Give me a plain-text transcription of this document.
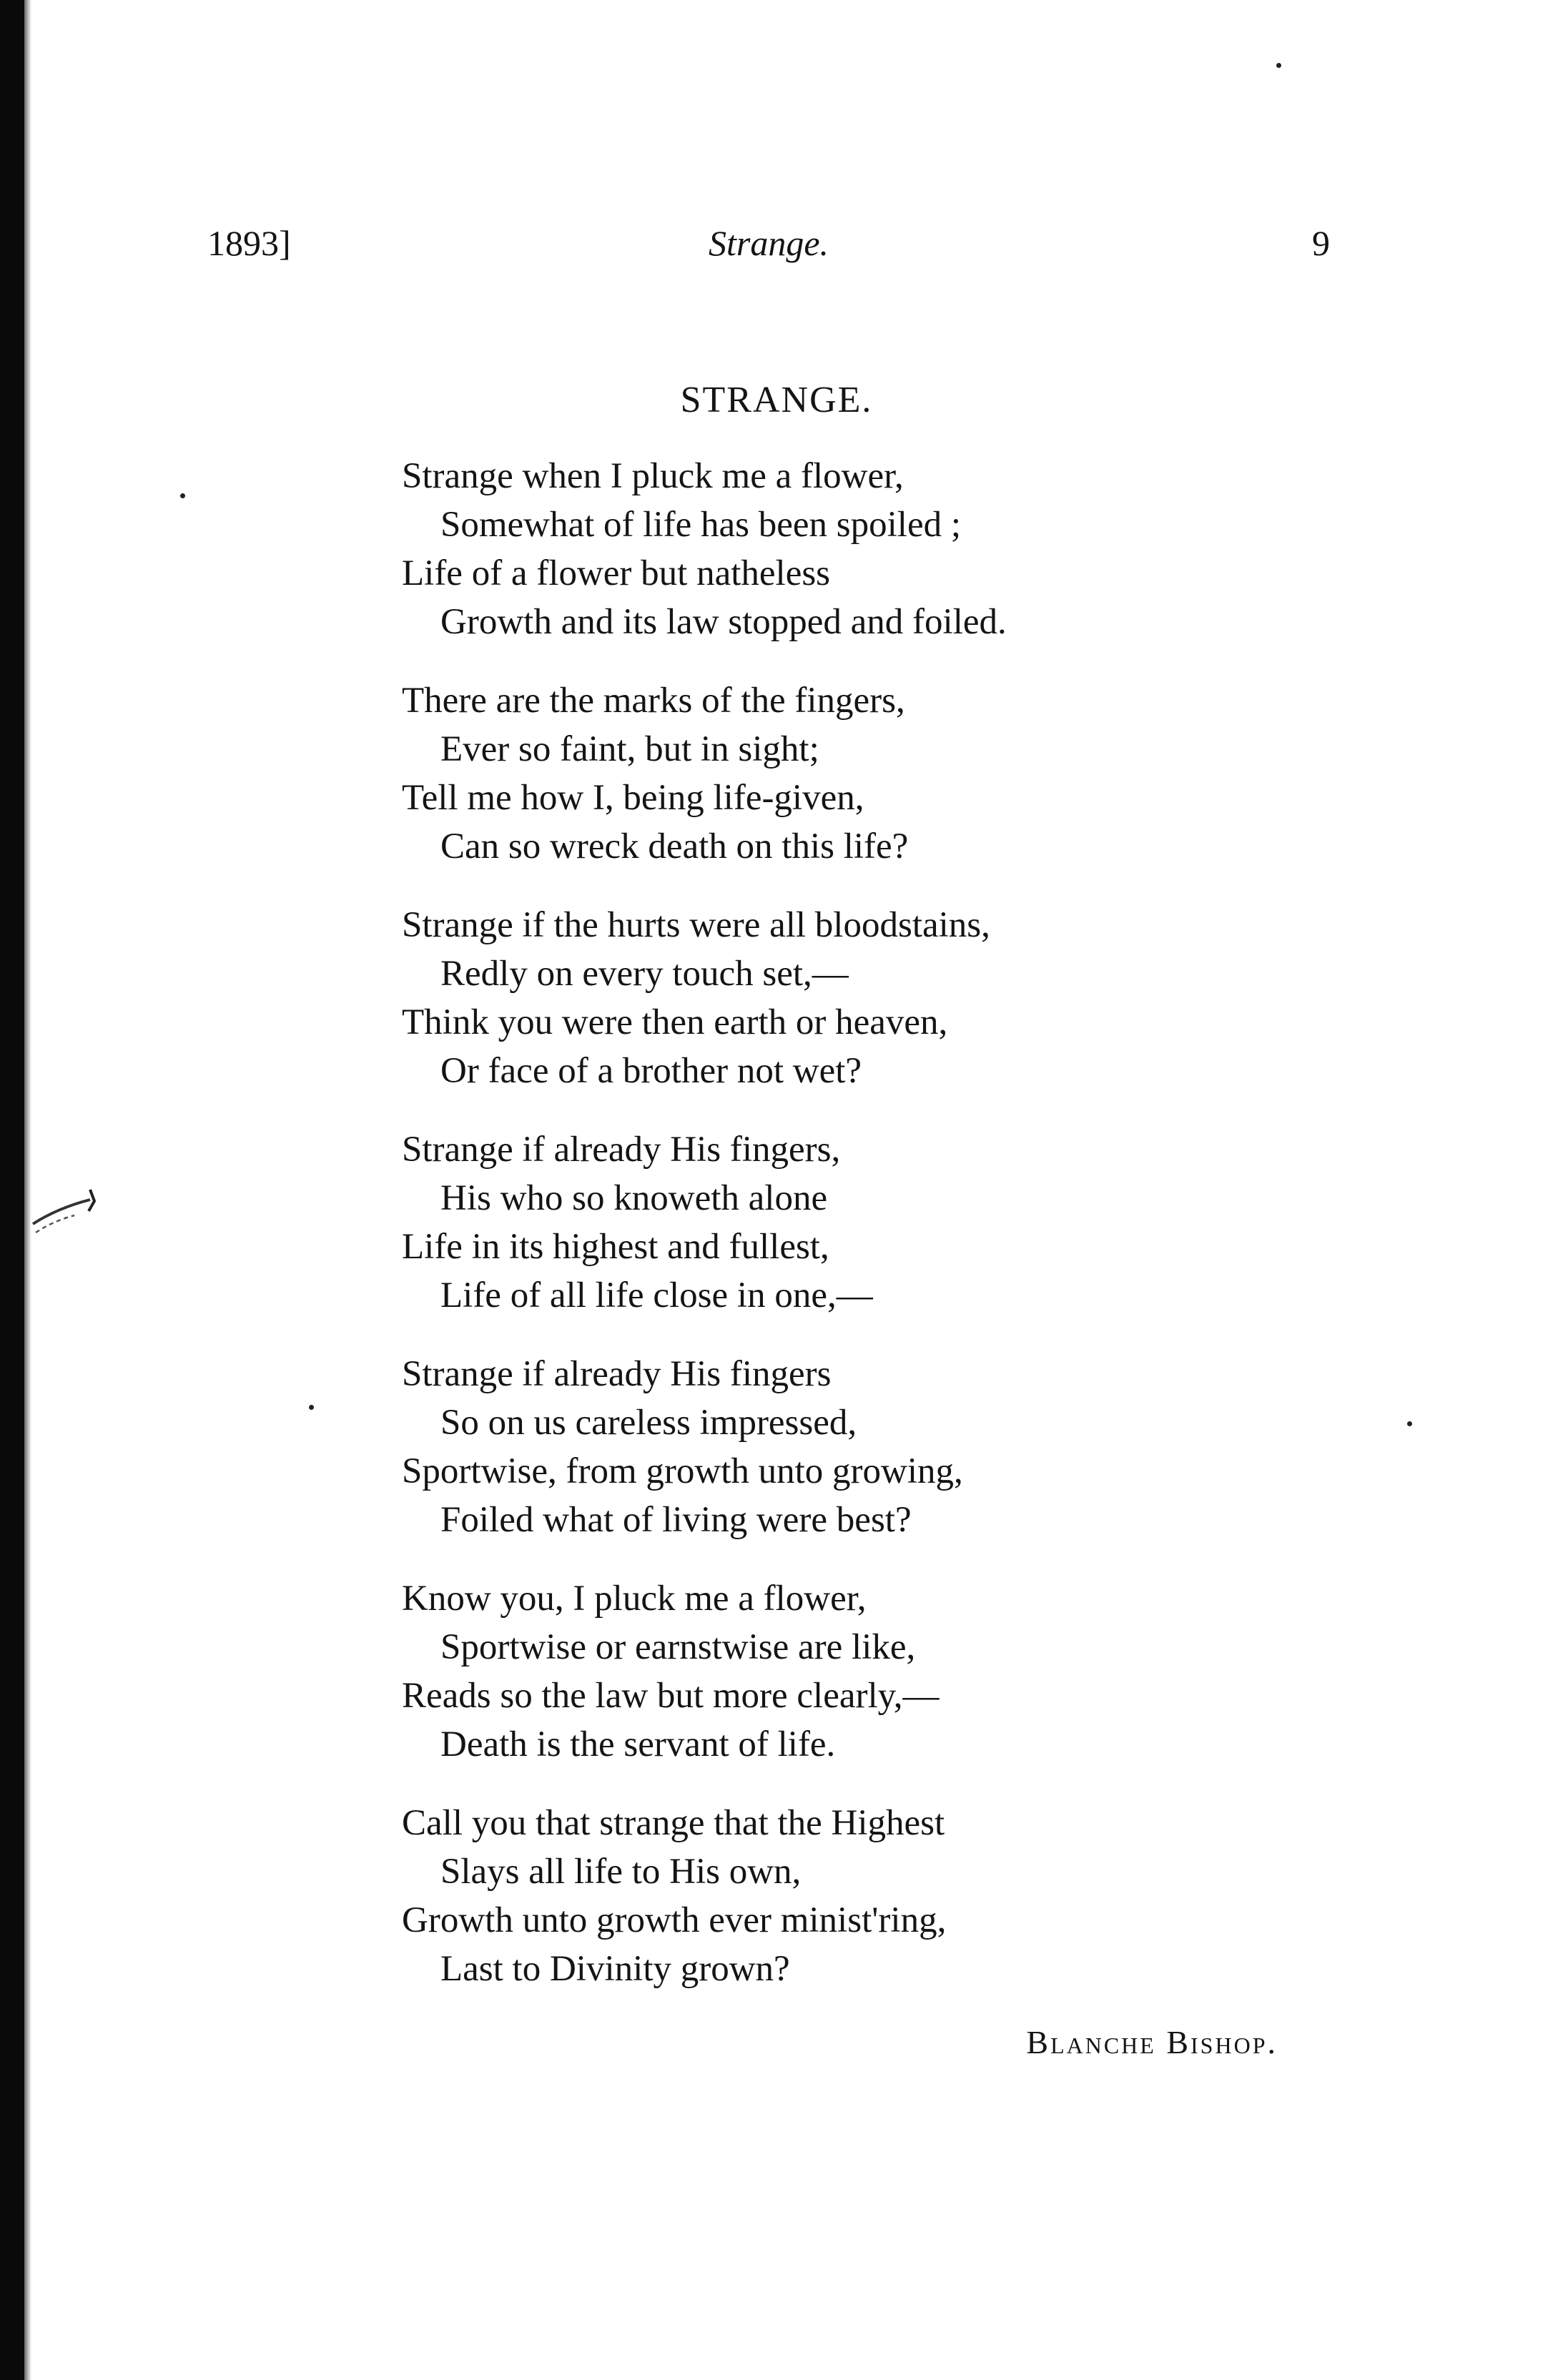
1893]	Strange.	9
STRANGE.
Strange when I pluck me a flower,
Somewhat of life has been spoiled ;
Life of a flower but natheless
Growth and its law stopped and foiled.
There are the marks of the fingers,
Ever so faint, but in sight;
Tell me how I, being life-given,
Can so wreck death on this life?
Strange if the hurts were all bloodstains,
Redly on every touch set,—
Think you were then earth or heaven,
Or face of a brother not wet?
Strange if already His fingers,
His who so knoweth alone
Life in its highest and fullest,
Life of all life close in one,—
Strange if already His fingers
So on us careless impressed,
Sportwise, from growth unto growing,
Foiled what of living were best?
Know you, I pluck me a flower,
Sportwise or earnstwise are like,
Reads so the law but more clearly,—
Death is the servant of life.
Call you that strange that the Highest
Slays all life to His own,
Growth unto growth ever minist'ring,
Last to Divinity grown?
Blanche Bishop.
